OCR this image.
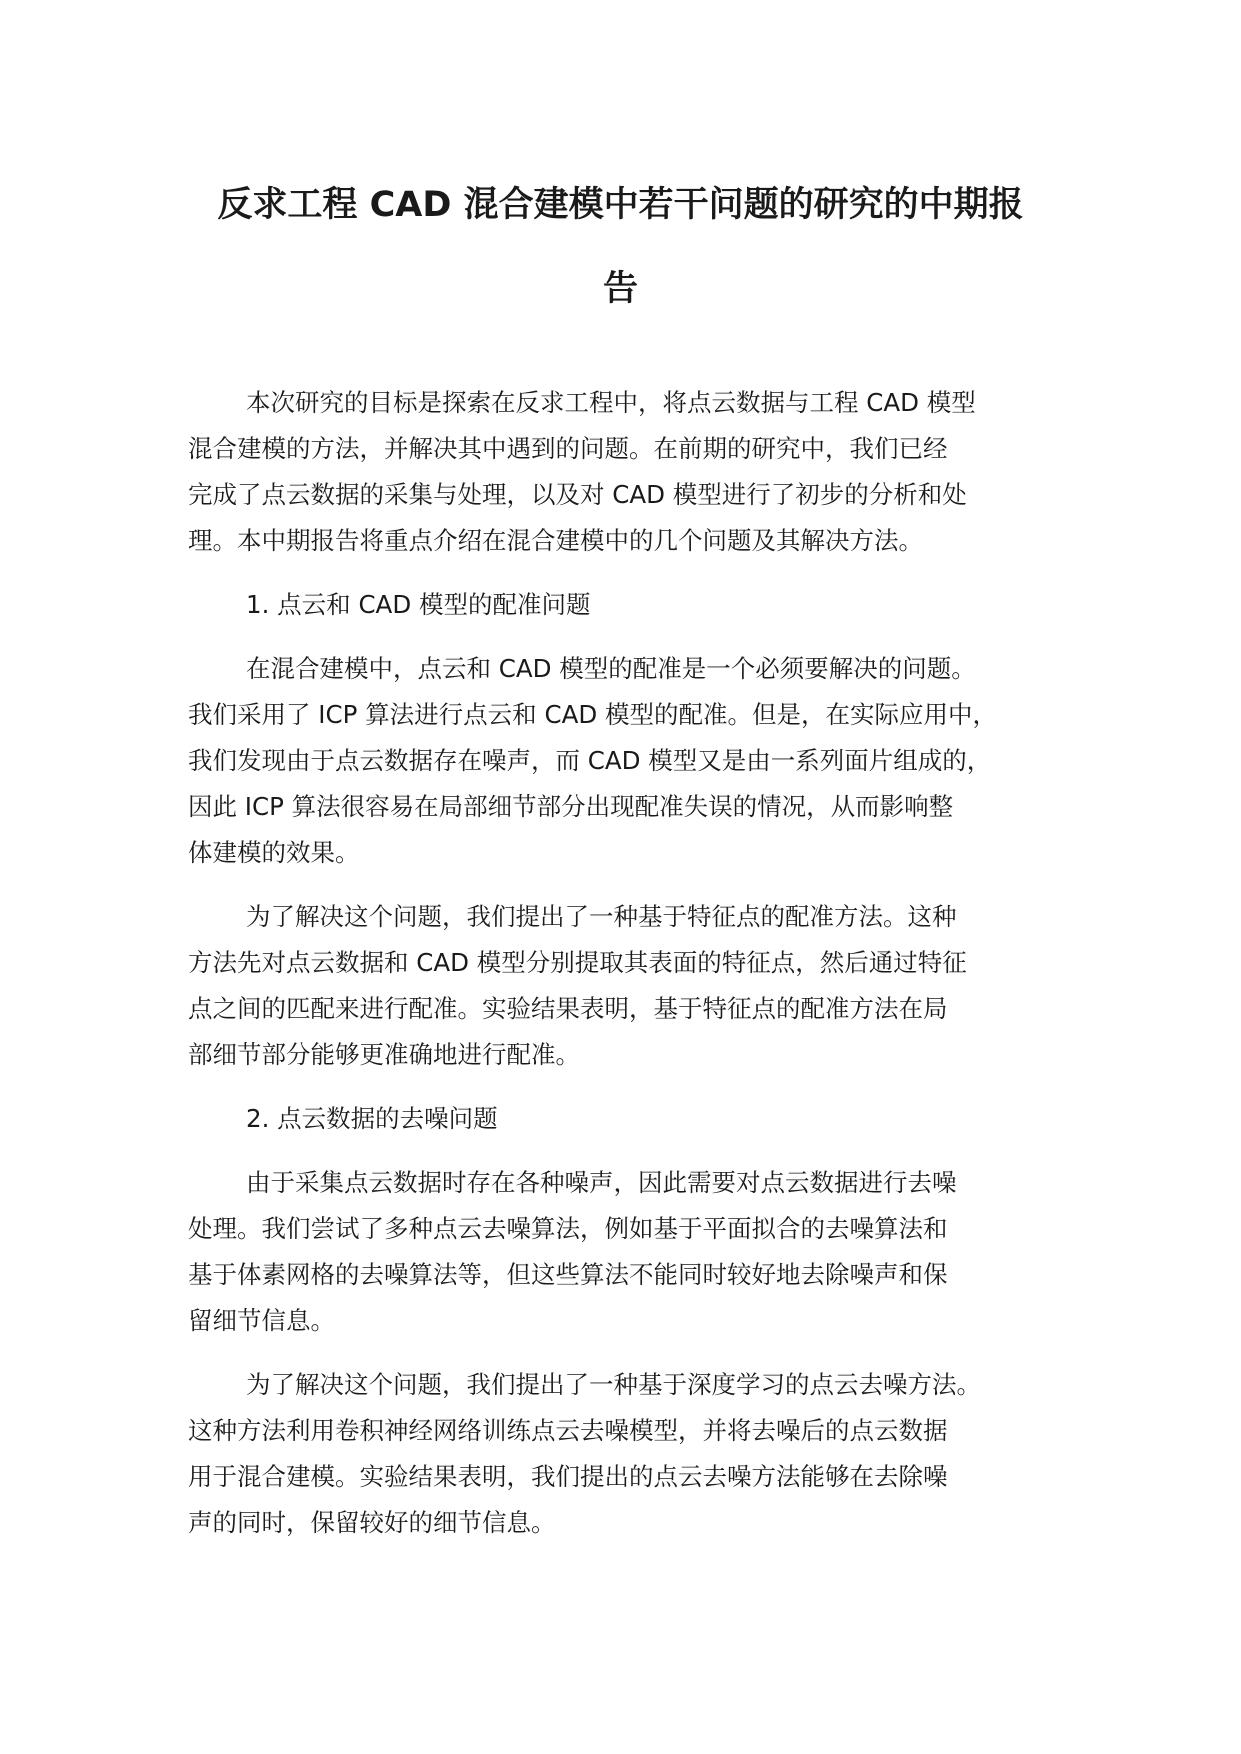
反求工程 CAD 混合建模中若干问题的研究的中期报
告

本次研究的目标是探索在反求工程中，将点云数据与工程 CAD 模型
混合建模的方法，并解决其中遇到的问题。在前期的研究中，我们已经
完成了点云数据的采集与处理，以及对 CAD 模型进行了初步的分析和处
理。本中期报告将重点介绍在混合建模中的几个问题及其解决方法。

1. 点云和 CAD 模型的配准问题

在混合建模中，点云和 CAD 模型的配准是一个必须要解决的问题。
我们采用了 ICP 算法进行点云和 CAD 模型的配准。但是，在实际应用中，
我们发现由于点云数据存在噪声，而 CAD 模型又是由一系列面片组成的，
因此 ICP 算法很容易在局部细节部分出现配准失误的情况，从而影响整
体建模的效果。

为了解决这个问题，我们提出了一种基于特征点的配准方法。这种
方法先对点云数据和 CAD 模型分别提取其表面的特征点，然后通过特征
点之间的匹配来进行配准。实验结果表明，基于特征点的配准方法在局
部细节部分能够更准确地进行配准。

2. 点云数据的去噪问题

由于采集点云数据时存在各种噪声，因此需要对点云数据进行去噪
处理。我们尝试了多种点云去噪算法，例如基于平面拟合的去噪算法和
基于体素网格的去噪算法等，但这些算法不能同时较好地去除噪声和保
留细节信息。

为了解决这个问题，我们提出了一种基于深度学习的点云去噪方法。
这种方法利用卷积神经网络训练点云去噪模型，并将去噪后的点云数据
用于混合建模。实验结果表明，我们提出的点云去噪方法能够在去除噪
声的同时，保留较好的细节信息。
